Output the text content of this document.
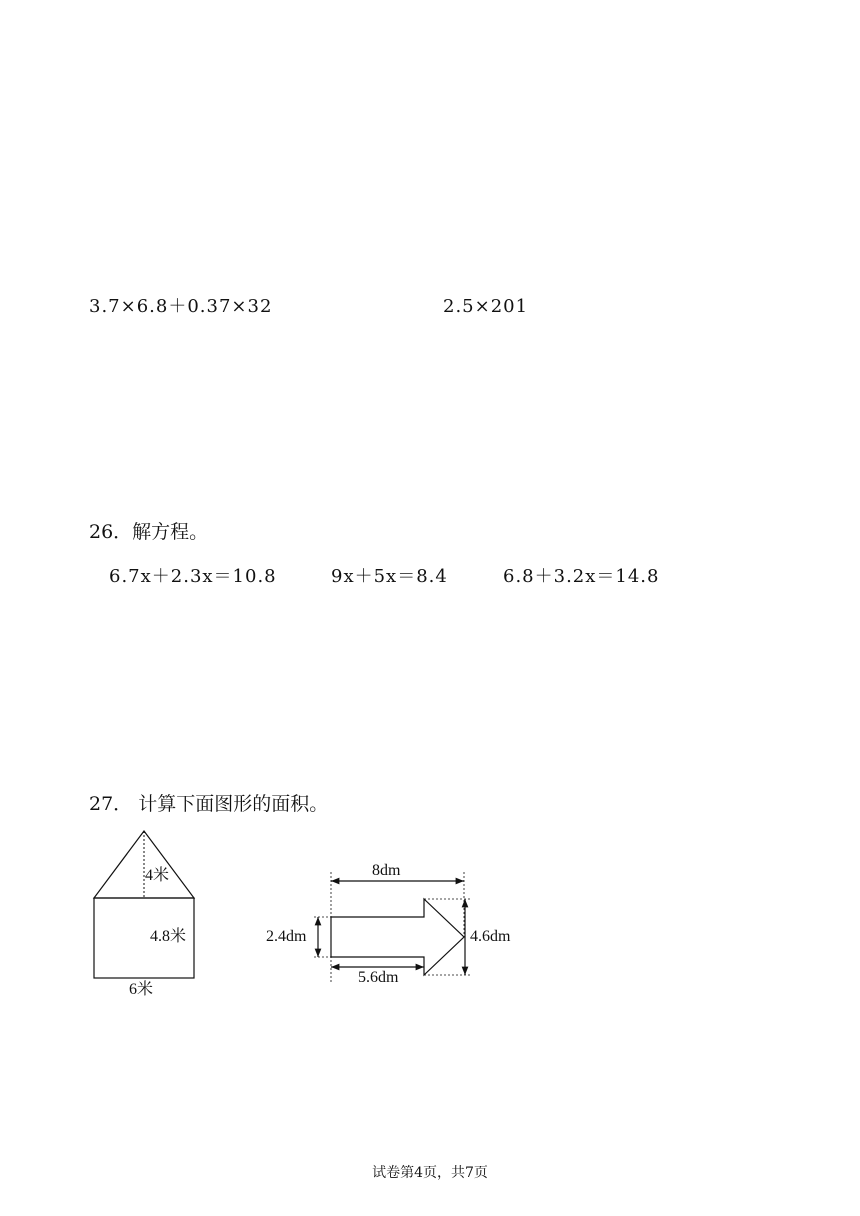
3.7×6.8＋0.37×32	2.5×201
26．解方程。
6.7x＋2.3x＝10.8	9x＋5x＝8.4	6.8＋3.2x＝14.8
27． 计算下面图形的面积。
4米
4.8米
6米
8dm
2.4dm	4.6dm
5.6dm
试卷第4页，共7页
